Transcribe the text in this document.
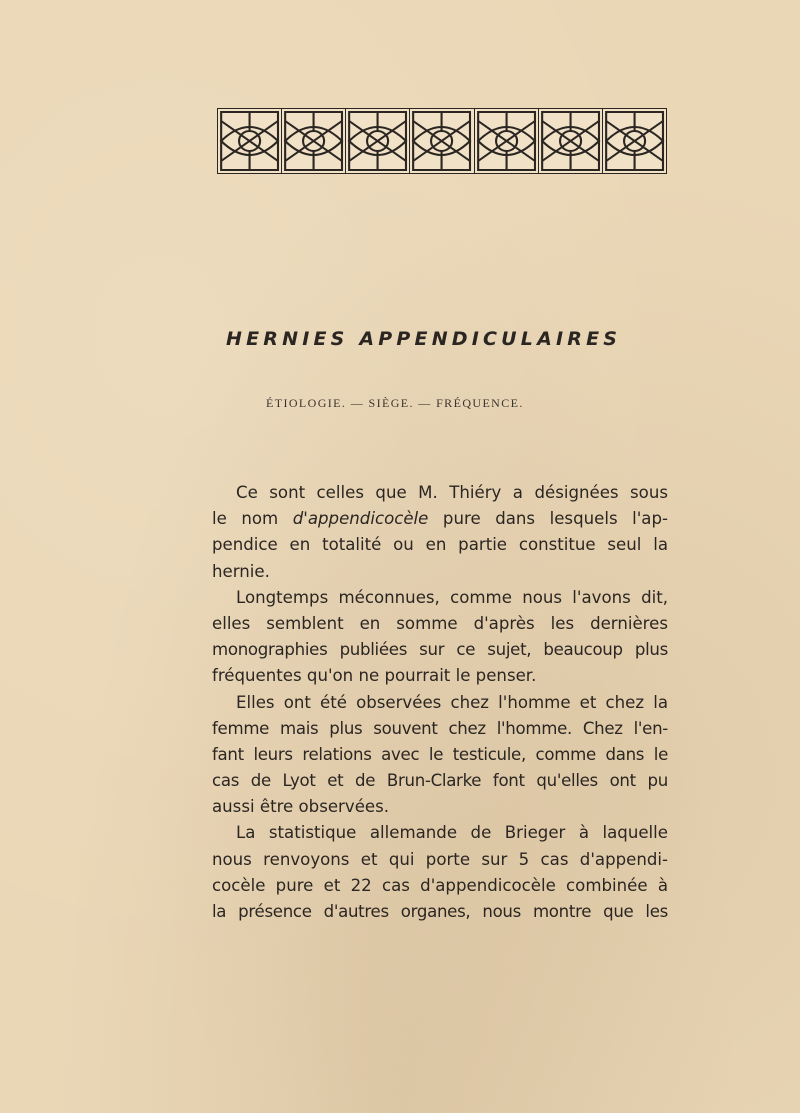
HERNIES APPENDICULAIRES
ÉTIOLOGIE. — SIÈGE. — FRÉQUENCE.
Ce sont celles que M. Thiéry a désignées sous
le nom d'appendicocèle pure dans lesquels l'ap-
pendice en totalité ou en partie constitue seul la
hernie.
Longtemps méconnues, comme nous l'avons dit,
elles semblent en somme d'après les dernières
monographies publiées sur ce sujet, beaucoup plus
fréquentes qu'on ne pourrait le penser.
Elles ont été observées chez l'homme et chez la
femme mais plus souvent chez l'homme. Chez l'en-
fant leurs relations avec le testicule, comme dans le
cas de Lyot et de Brun-Clarke font qu'elles ont pu
aussi être observées.
La statistique allemande de Brieger à laquelle
nous renvoyons et qui porte sur 5 cas d'appendi-
cocèle pure et 22 cas d'appendicocèle combinée à
la présence d'autres organes, nous montre que les
